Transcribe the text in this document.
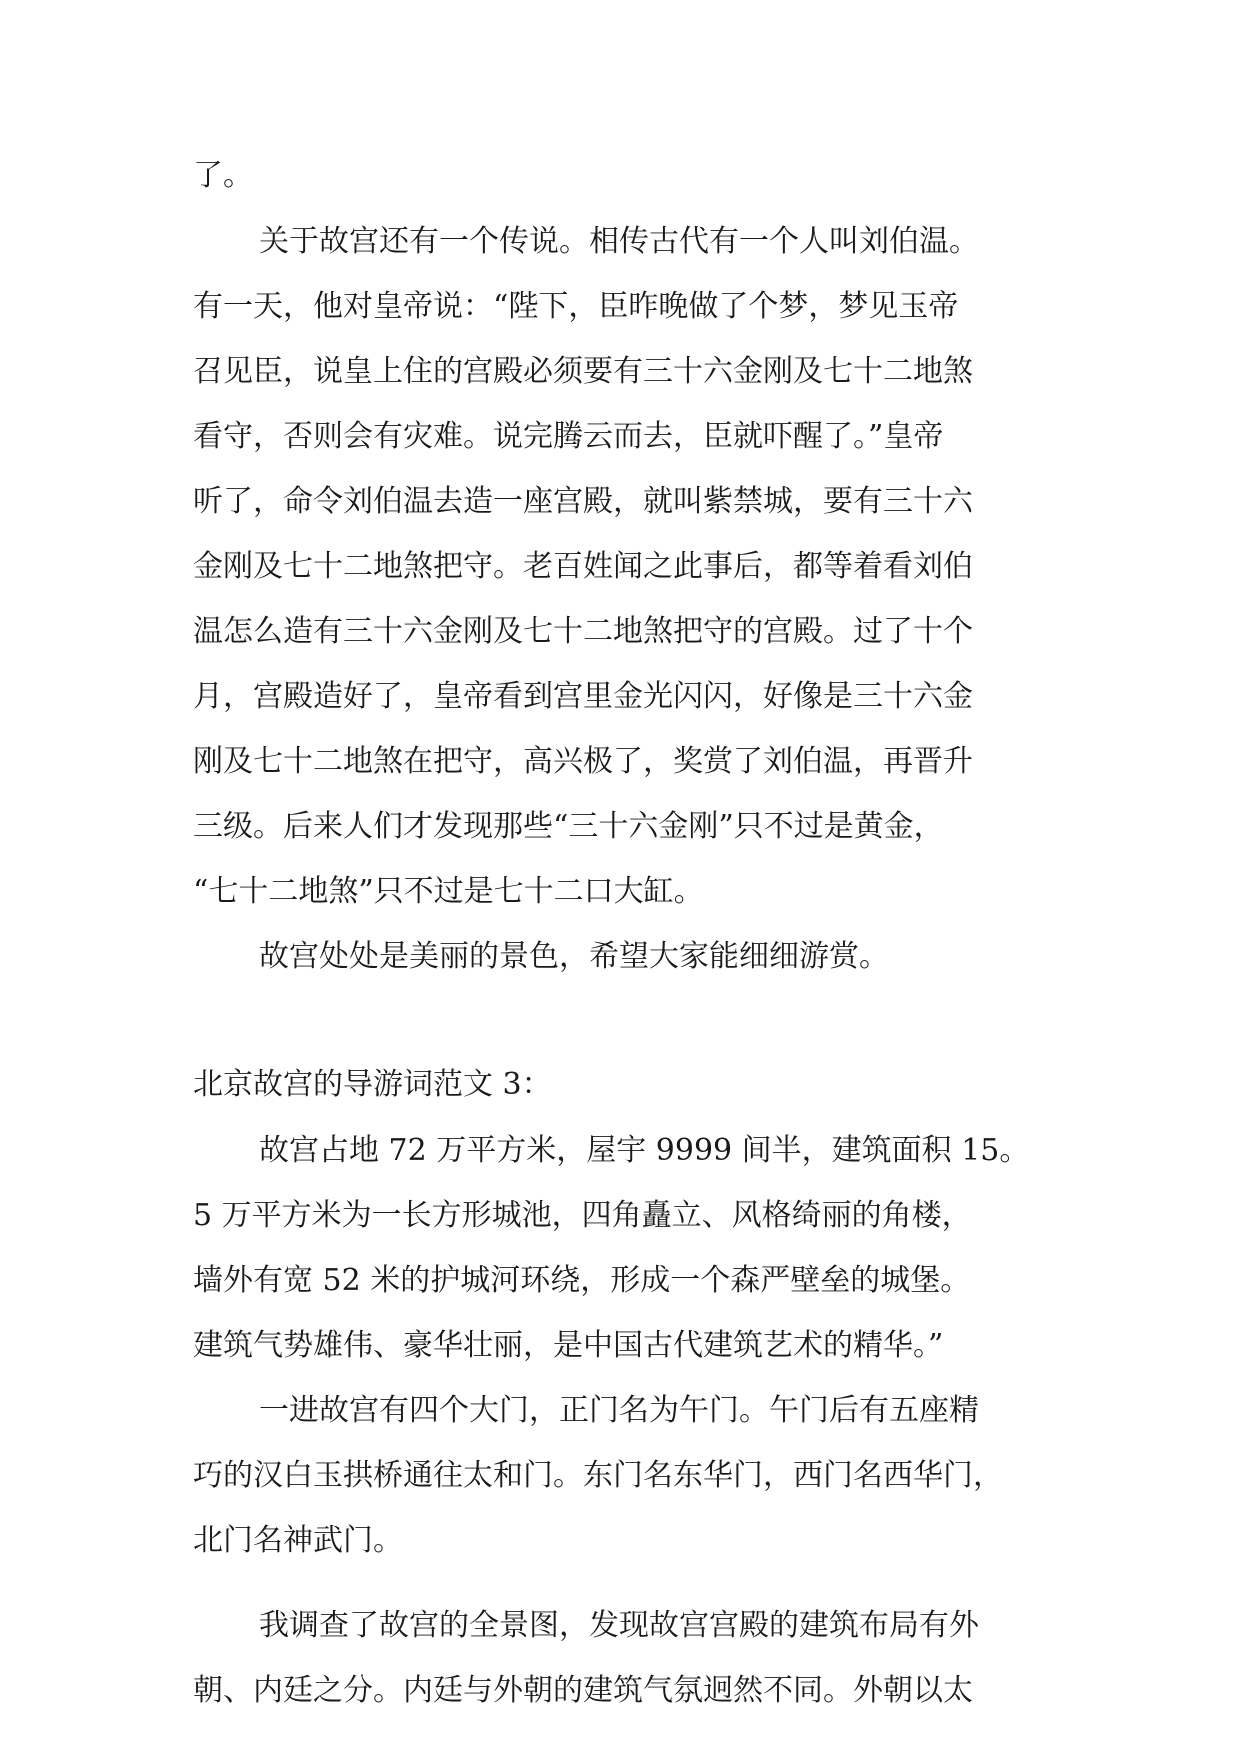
了。
关于故宫还有一个传说。相传古代有一个人叫刘伯温。
有一天，他对皇帝说：“陛下，臣昨晚做了个梦，梦见玉帝
召见臣，说皇上住的宫殿必须要有三十六金刚及七十二地煞
看守，否则会有灾难。说完腾云而去，臣就吓醒了。”皇帝
听了，命令刘伯温去造一座宫殿，就叫紫禁城，要有三十六
金刚及七十二地煞把守。老百姓闻之此事后，都等着看刘伯
温怎么造有三十六金刚及七十二地煞把守的宫殿。过了十个
月，宫殿造好了，皇帝看到宫里金光闪闪，好像是三十六金
刚及七十二地煞在把守，高兴极了，奖赏了刘伯温，再晋升
三级。后来人们才发现那些“三十六金刚”只不过是黄金，
“七十二地煞”只不过是七十二口大缸。
故宫处处是美丽的景色，希望大家能细细游赏。
北京故宫的导游词范文 3：
故宫占地 72 万平方米，屋宇 9999 间半，建筑面积 15。
5 万平方米为一长方形城池，四角矗立、风格绮丽的角楼，
墙外有宽 52 米的护城河环绕，形成一个森严壁垒的城堡。
建筑气势雄伟、豪华壮丽，是中国古代建筑艺术的精华。”
一进故宫有四个大门，正门名为午门。午门后有五座精
巧的汉白玉拱桥通往太和门。东门名东华门，西门名西华门，
北门名神武门。
我调查了故宫的全景图，发现故宫宫殿的建筑布局有外
朝、内廷之分。内廷与外朝的建筑气氛迥然不同。外朝以太
